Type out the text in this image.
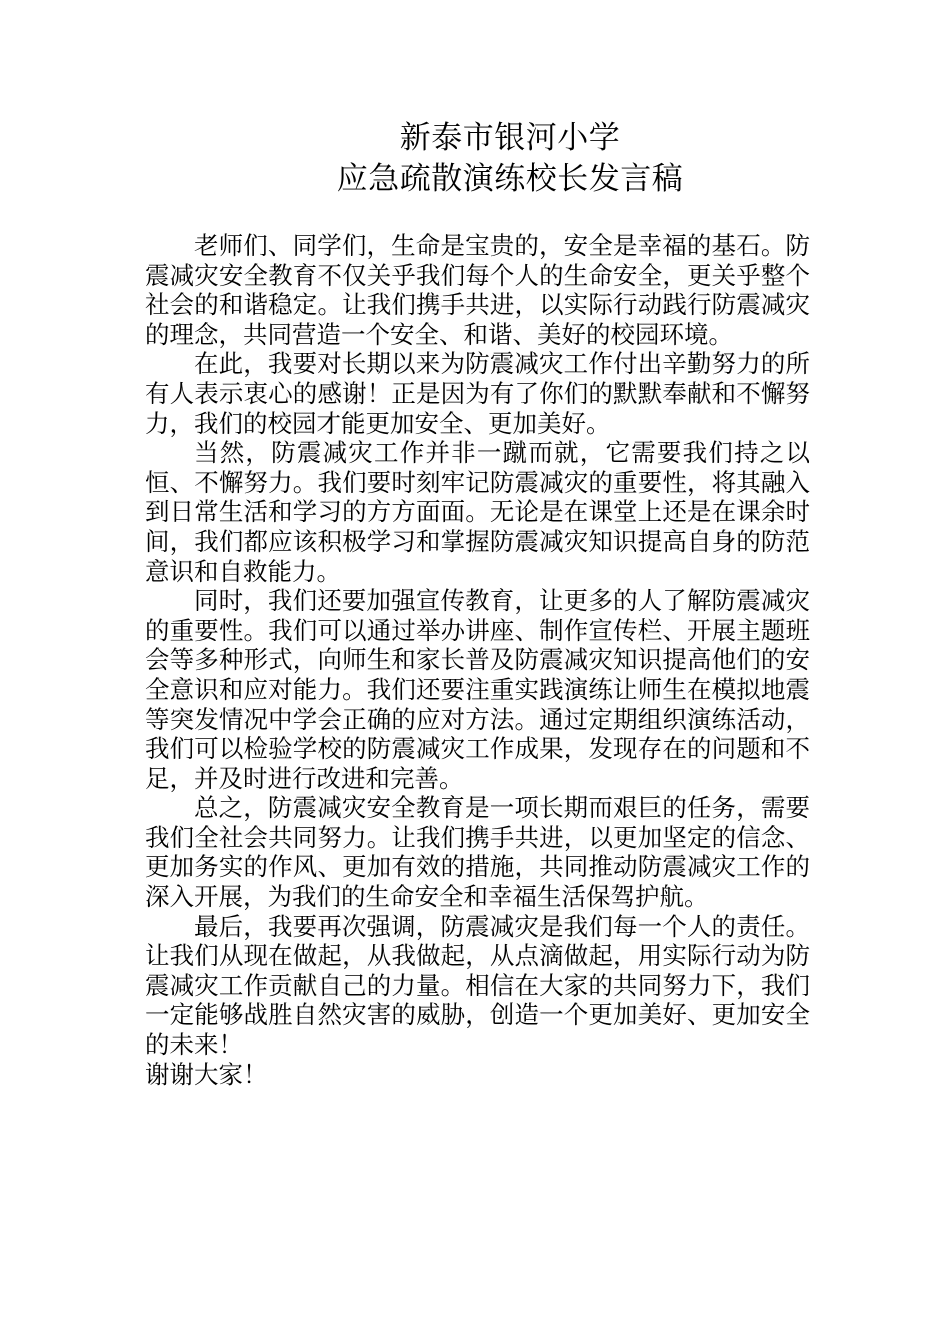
新泰市银河小学
应急疏散演练校长发言稿

老师们、同学们，生命是宝贵的，安全是幸福的基石。防震减灾安全教育不仅关乎我们每个人的生命安全，更关乎整个社会的和谐稳定。让我们携手共进，以实际行动践行防震减灾的理念，共同营造一个安全、和谐、美好的校园环境。

在此，我要对长期以来为防震减灾工作付出辛勤努力的所有人表示衷心的感谢！正是因为有了你们的默默奉献和不懈努力，我们的校园才能更加安全、更加美好。

当然，防震减灾工作并非一蹴而就，它需要我们持之以恒、不懈努力。我们要时刻牢记防震减灾的重要性，将其融入到日常生活和学习的方方面面。无论是在课堂上还是在课余时间，我们都应该积极学习和掌握防震减灾知识提高自身的防范意识和自救能力。

同时，我们还要加强宣传教育，让更多的人了解防震减灾的重要性。我们可以通过举办讲座、制作宣传栏、开展主题班会等多种形式，向师生和家长普及防震减灾知识提高他们的安全意识和应对能力。我们还要注重实践演练让师生在模拟地震等突发情况中学会正确的应对方法。通过定期组织演练活动，我们可以检验学校的防震减灾工作成果，发现存在的问题和不足，并及时进行改进和完善。

总之，防震减灾安全教育是一项长期而艰巨的任务，需要我们全社会共同努力。让我们携手共进，以更加坚定的信念、更加务实的作风、更加有效的措施，共同推动防震减灾工作的深入开展，为我们的生命安全和幸福生活保驾护航。

最后，我要再次强调，防震减灾是我们每一个人的责任。让我们从现在做起，从我做起，从点滴做起，用实际行动为防震减灾工作贡献自己的力量。相信在大家的共同努力下，我们一定能够战胜自然灾害的威胁，创造一个更加美好、更加安全的未来！

谢谢大家！
